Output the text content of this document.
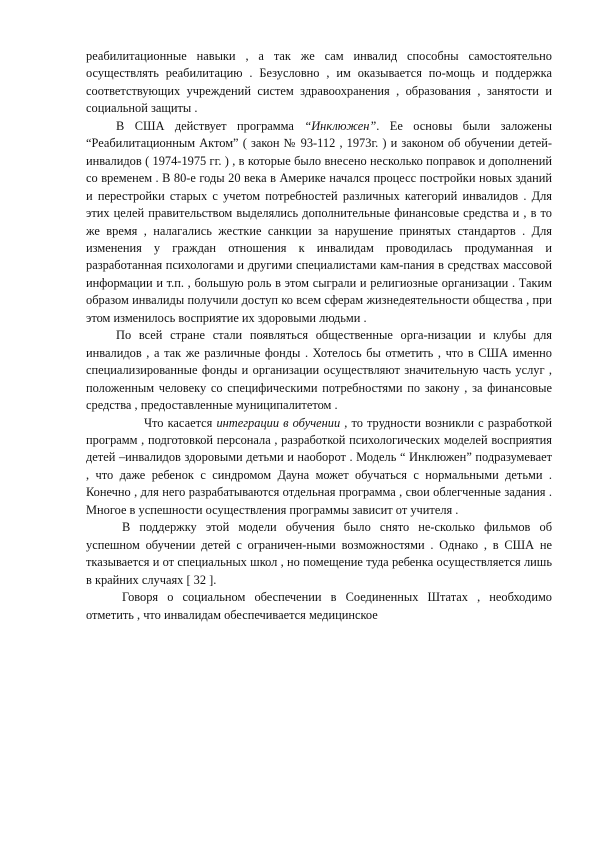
реабилитационные навыки , а так же сам инвалид способны самостоятельно осуществлять реабилитацию . Безусловно , им оказывается по-мощь и поддержка соответствующих учреждений систем здравоохранения , образования , занятости и социальной защиты .

В США действует программа “Инклюжен”. Ее основы были заложены “Реабилитационным Актом” ( закон № 93-112 , 1973г. ) и законом об обучении детей-инвалидов ( 1974-1975 гг. ) , в которые было внесено несколько поправок и дополнений со временем . В 80-е годы 20 века в Америке начался процесс постройки новых зданий и перестройки старых с учетом потребностей различных категорий инвалидов . Для этих целей правительством выделялись дополнительные финансовые средства и , в то же время , налагались жесткие санкции за нарушение принятых стандартов . Для изменения у граждан отношения к инвалидам проводилась продуманная и разработанная психологами и другими специалистами кам-пания в средствах массовой информации и т.п. , большую роль в этом сыграли и религиозные организации . Таким образом инвалиды получили доступ ко всем сферам жизнедеятельности общества , при этом изменилось восприятие их здоровыми людьми .

По всей стране стали появляться общественные орга-низации и клубы для инвалидов , а так же различные фонды . Хотелось бы отметить , что в США именно специализированные фонды и организации осуществляют значительную часть услуг , положенным человеку со специфическими потребностями по закону , за финансовые средства , предоставленные муниципалитетом .

Что касается интеграции в обучении , то трудности возникли с разработкой программ , подготовкой персонала , разработкой психологических моделей восприятия детей –инвалидов здоровыми детьми и наоборот . Модель “ Инклюжен” подразумевает , что даже ребенок с синдромом Дауна может обучаться с нормальными детьми . Конечно , для него разрабатываются отдельная программа , свои облегченные задания . Многое в успешности осуществления программы зависит от учителя .

В поддержку этой модели обучения было снято не-сколько фильмов об успешном обучении детей с ограничен-ными возможностями . Однако , в США не тказывается и от специальных школ , но помещение туда ребенка осуществляется лишь в крайних случаях [ 32 ].

Говоря о социальном обеспечении в Соединенных Штатах , необходимо отметить , что инвалидам обеспечивается медицинское
